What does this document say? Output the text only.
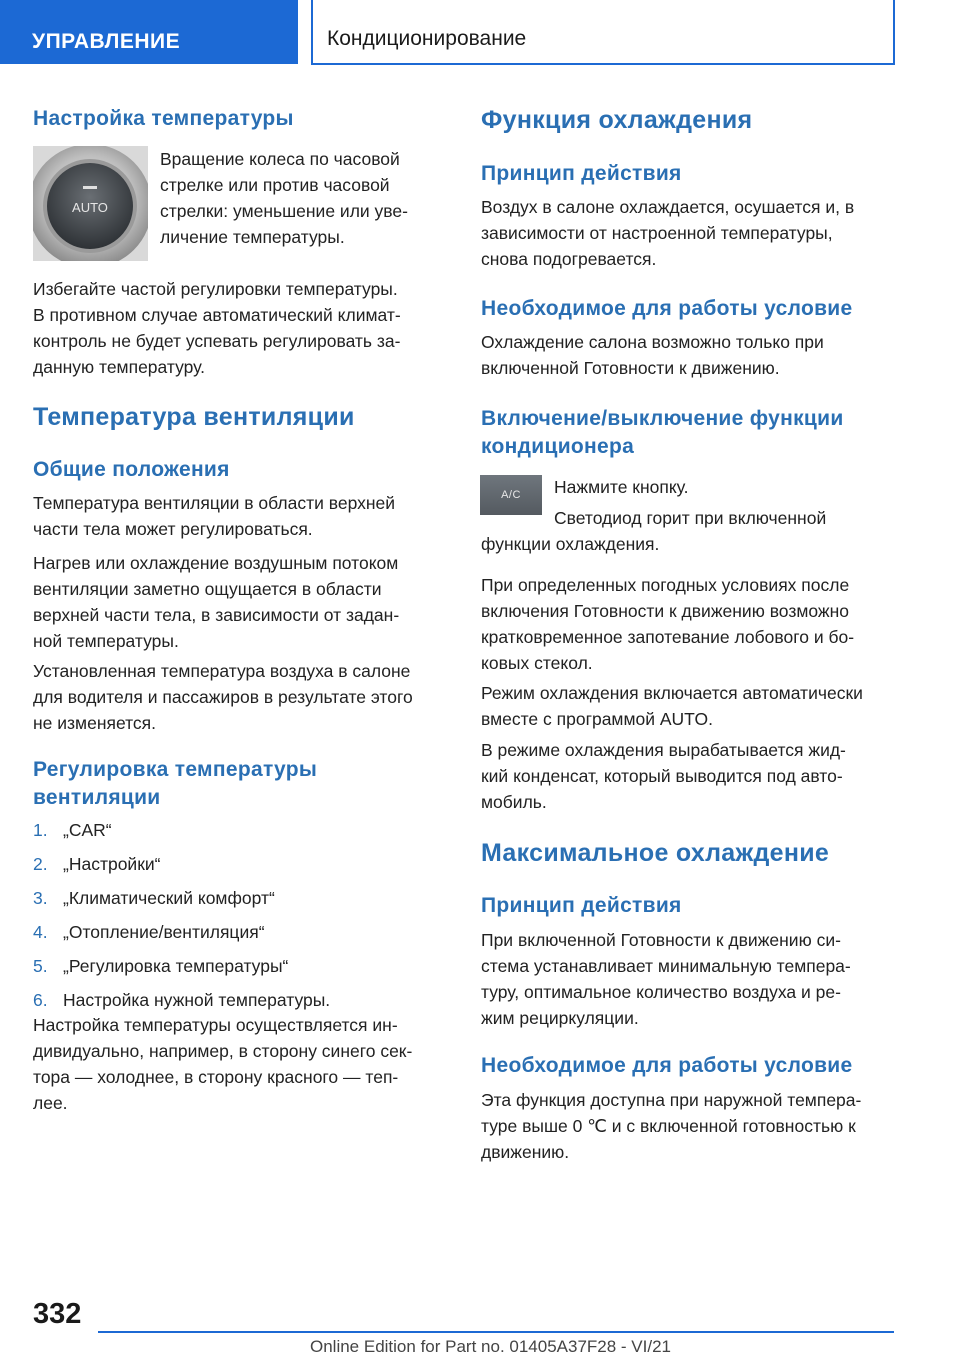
УПРАВЛЕНИЕ	Кондиционирование
Настройка температуры
AUTO

Вращение колеса по часовой

стрелке или против часовой

стрелки: уменьшение или уве-

личение температуры.

Избегайте частой регулировки температуры.

В противном случае автоматический климат-

контроль не будет успевать регулировать за-

данную температуру.

Температура вентиляции
Общие положения

Температура вентиляции в области верхней

части тела может регулироваться.

Нагрев или охлаждение воздушным потоком

вентиляции заметно ощущается в области

верхней части тела, в зависимости от задан-

ной температуры.

Установленная температура воздуха в салоне

для водителя и пассажиров в результате этого

не изменяется.

Регулировка температуры
вентиляции
1. „CAR“
2. „Настройки“
3. „Климатический комфорт“
4. „Отопление/вентиляция“
5. „Регулировка температуры“
6. Настройка нужной температуры.

Настройка температуры осуществляется ин-

дивидуально, например, в сторону синего сек-

тора — холоднее, в сторону красного — теп-

лее.

Функция охлаждения
Принцип действия

Воздух в салоне охлаждается, осушается и, в

зависимости от настроенной температуры,

снова подогревается.

Необходимое для работы условие

Охлаждение салона возможно только при

включенной Готовности к движению.

Включение/выключение функции
кондиционера
A/C	Нажмите кнопку.

Светодиод горит при включенной

функции охлаждения.

При определенных погодных условиях после

включения Готовности к движению возможно

кратковременное запотевание лобового и бо-

ковых стекол.

Режим охлаждения включается автоматически

вместе с программой AUTO.

В режиме охлаждения вырабатывается жид-

кий конденсат, который выводится под авто-

мобиль.

Максимальное охлаждение
Принцип действия

При включенной Готовности к движению си-

стема устанавливает минимальную темпера-

туру, оптимальное количество воздуха и ре-

жим рециркуляции.

Необходимое для работы условие

Эта функция доступна при наружной темпера-

туре выше 0 ℃ и с включенной готовностью к

движению.

332
Online Edition for Part no. 01405A37F28 - VI/21
